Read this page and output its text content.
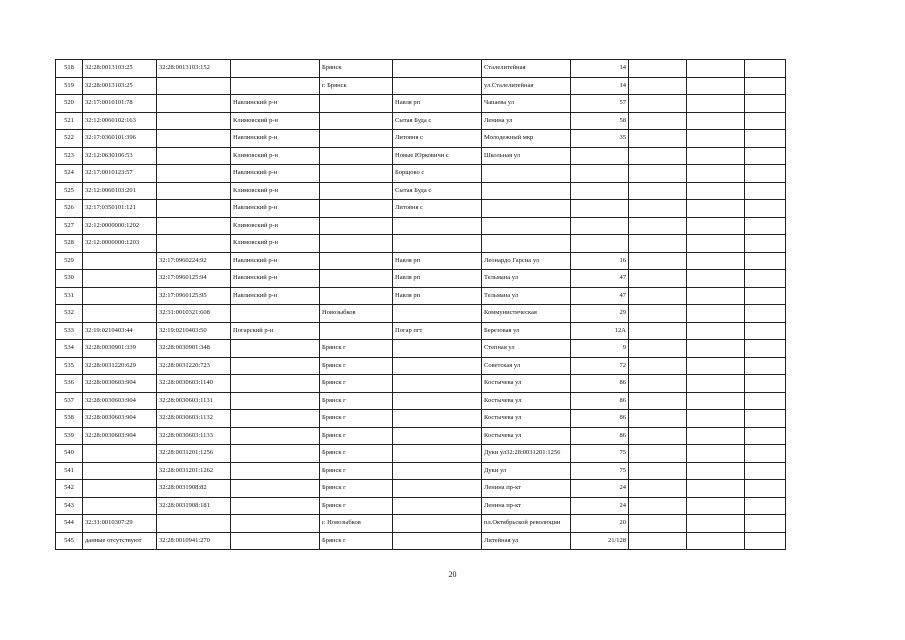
518	32:28:0013103:25	32:28:0013103:152		Брянск		Сталелитейная	14			
519	32:28:0013103:25			г. Брянск		ул.Сталелитейная	14			
520	32:17:0010101:78		Навлинский р-н		Навля рп	Чапаева ул	57			
521	32:12:0060102:163		Климовский р-н		Сытая Буда с	Ленина ул	58			
522	32:17:0360101:396		Навлинский р-н		Литовня с	Молодежный мкр	35			
523	32:12:0630106:53		Климовский р-н		Новые Юрковичи с	Школьная ул				
524	32:17:0010123:57		Навлинский р-н		Борщово с					
525	32:12:0060103:201		Климовский р-н		Сытая Буда с					
526	32:17:0350101:121		Навлинский р-н		Литовня с					
527	32:12:0000000:1202		Климовский р-н							
528	32:12:0000000:1203		Климовский р-н							
529		32:17:0960224:92	Навлинский р-н		Навля рп	Леонардо Гарсиа ул	16			
530		32:17:0960125:94	Навлинский р-н		Навля рп	Тельмана ул	47			
531		32:17:0960125:95	Навлинский р-н		Навля рп	Тельмана ул	47			
532		32:31:0010321:608		Новозыбков		Коммунистическая	29			
533	32:19:0210403:44	32:19:0210403:50	Погарский р-н		Погар пгт	Березовая ул	12А			
534	32:28:0030901:339	32:28:0030901:348		Брянск г		Степная ул	9			
535	32:28:0031220:629	32:28:0031220:723		Брянск г		Советская ул	72			
536	32:28:0030603:904	32:28:0030603:1140		Брянск г		Костычева ул	86			
537	32:28:0030603:904	32:28:0030603:1131		Брянск г		Костычева ул	86			
538	32:28:0030603:904	32:28:0030603:1132		Брянск г		Костычева ул	86			
539	32:28:0030603:904	32:28:0030603:1133		Брянск г		Костычева ул	86			
540		32:28:0031201:1256		Брянск г		Дуки ул32:28:0031201:1256	75			
541		32:28:0031201:1262		Брянск г		Дуки ул	75			
542		32:28:0031908:82		Брянск г		Ленина пр-кт	24			
543		32:28:0031908:181		Брянск г		Ленина пр-кт	24			
544	32:31:0010307:29			г. Новозыбков		пл.Октябрьской революции	20			
545	данные отсутствуют	32:28:0010941:270		Брянск г		Литейная ул	21/128			
20
